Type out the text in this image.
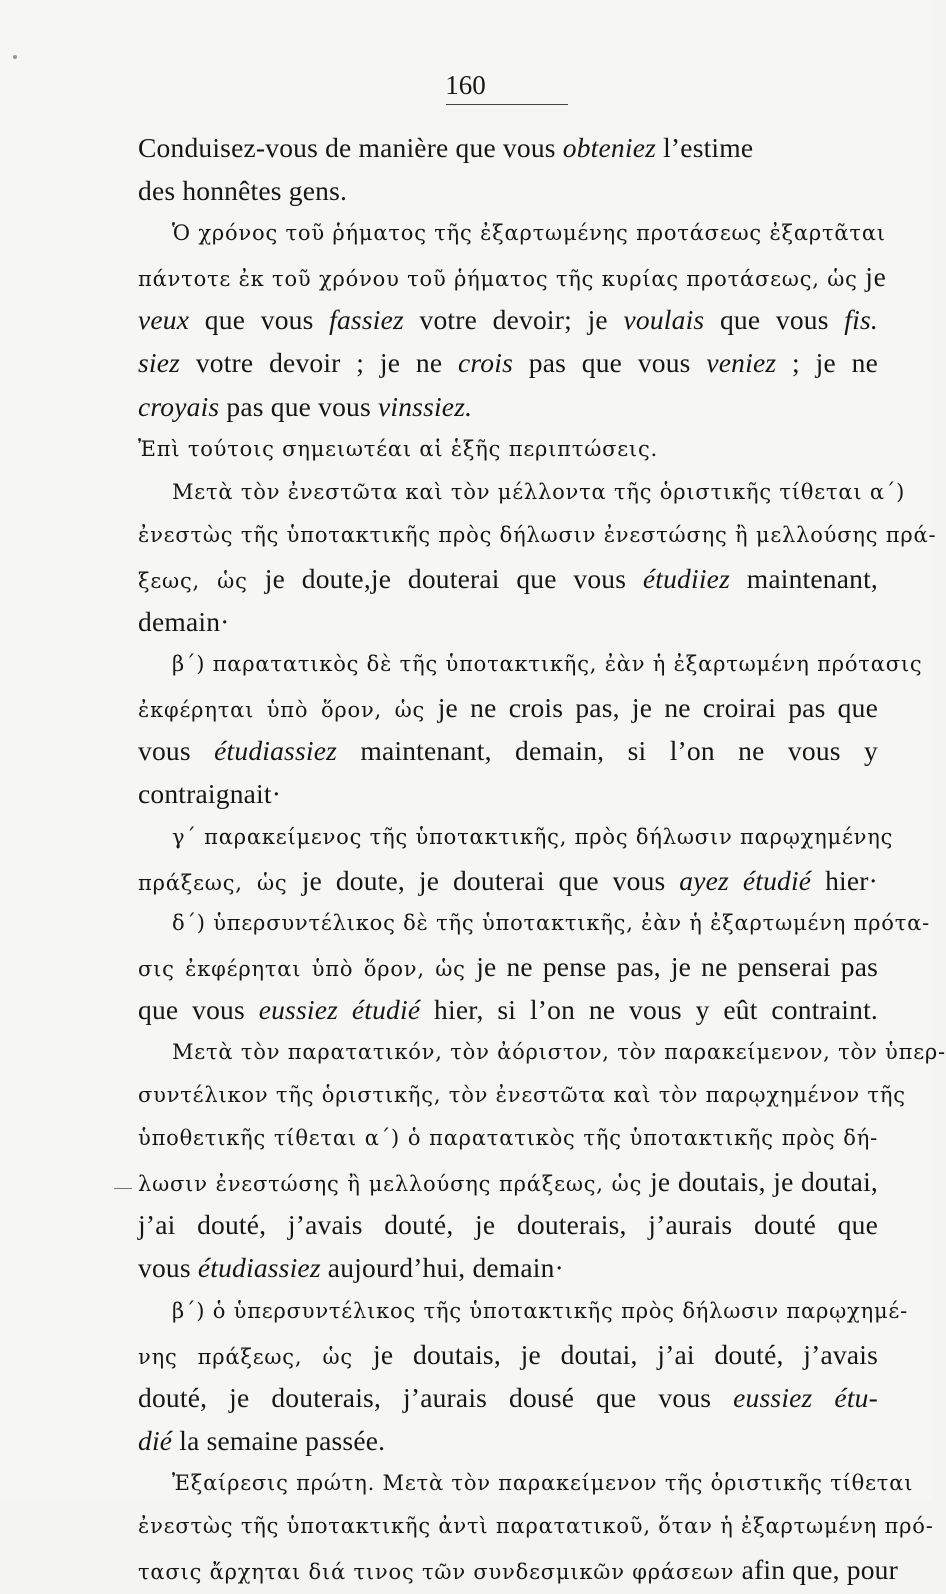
160
Conduisez-vous de manière que vous obteniez l’estime
des honnêtes gens.
Ὁ χρόνος τοῦ ῥήματος τῆς ἐξαρτωμένης προτάσεως ἐξαρτᾶται
πάντοτε ἐκ τοῦ χρόνου τοῦ ῥήματος τῆς κυρίας προτάσεως, ὡς je
veux que vous fassiez votre devoir; je voulais que vous fis.
siez votre devoir ; je ne crois pas que vous veniez ; je ne
croyais pas que vous vinssiez.
Ἐπὶ τούτοις σημειωτέαι αἱ ἑξῆς περιπτώσεις.
Μετὰ τὸν ἐνεστῶτα καὶ τὸν μέλλοντα τῆς ὁριστικῆς τίθεται α΄)
ἐνεστὼς τῆς ὑποτακτικῆς πρὸς δήλωσιν ἐνεστώσης ἢ μελλούσης πρά-
ξεως, ὡς je doute,je douterai que vous étudiiez maintenant,
demain·
β΄) παρατατικὸς δὲ τῆς ὑποτακτικῆς, ἐὰν ἡ ἐξαρτωμένη πρότασις
ἐκφέρηται ὑπὸ ὅρον, ὡς je ne crois pas, je ne croirai pas que
vous étudiassiez maintenant, demain, si l’on ne vous y
contraignait·
γ΄ παρακείμενος τῆς ὑποτακτικῆς, πρὸς δήλωσιν παρῳχημένης
πράξεως, ὡς je doute, je douterai que vous ayez étudié hier·
δ΄) ὑπερσυντέλικος δὲ τῆς ὑποτακτικῆς, ἐὰν ἡ ἐξαρτωμένη πρότα-
σις ἐκφέρηται ὑπὸ ὅρον, ὡς je ne pense pas, je ne penserai pas
que vous eussiez étudié hier, si l’on ne vous y eût contraint.
Μετὰ τὸν παρατατικόν, τὸν ἀόριστον, τὸν παρακείμενον, τὸν ὑπερ-
συντέλικον τῆς ὁριστικῆς, τὸν ἐνεστῶτα καὶ τὸν παρῳχημένον τῆς
ὑποθετικῆς τίθεται α΄) ὁ παρατατικὸς τῆς ὑποτακτικῆς πρὸς δή-
λωσιν ἐνεστώσης ἢ μελλούσης πράξεως, ὡς je doutais, je doutai,
j’ai douté, j’avais douté, je douterais, j’aurais douté que
vous étudiassiez aujourd’hui, demain·
β΄) ὁ ὑπερσυντέλικος τῆς ὑποτακτικῆς πρὸς δήλωσιν παρῳχημέ-
νης πράξεως, ὡς je doutais, je doutai, j’ai douté, j’avais
douté, je douterais, j’aurais dousé que vous eussiez étu-
dié la semaine passée.
Ἐξαίρεσις πρώτη. Μετὰ τὸν παρακείμενον τῆς ὁριστικῆς τίθεται
ἐνεστὼς τῆς ὑποτακτικῆς ἀντὶ παρατατικοῦ, ὅταν ἡ ἐξαρτωμένη πρό-
τασις ἄρχηται διά τινος τῶν συνδεσμικῶν φράσεων afin que, pour
